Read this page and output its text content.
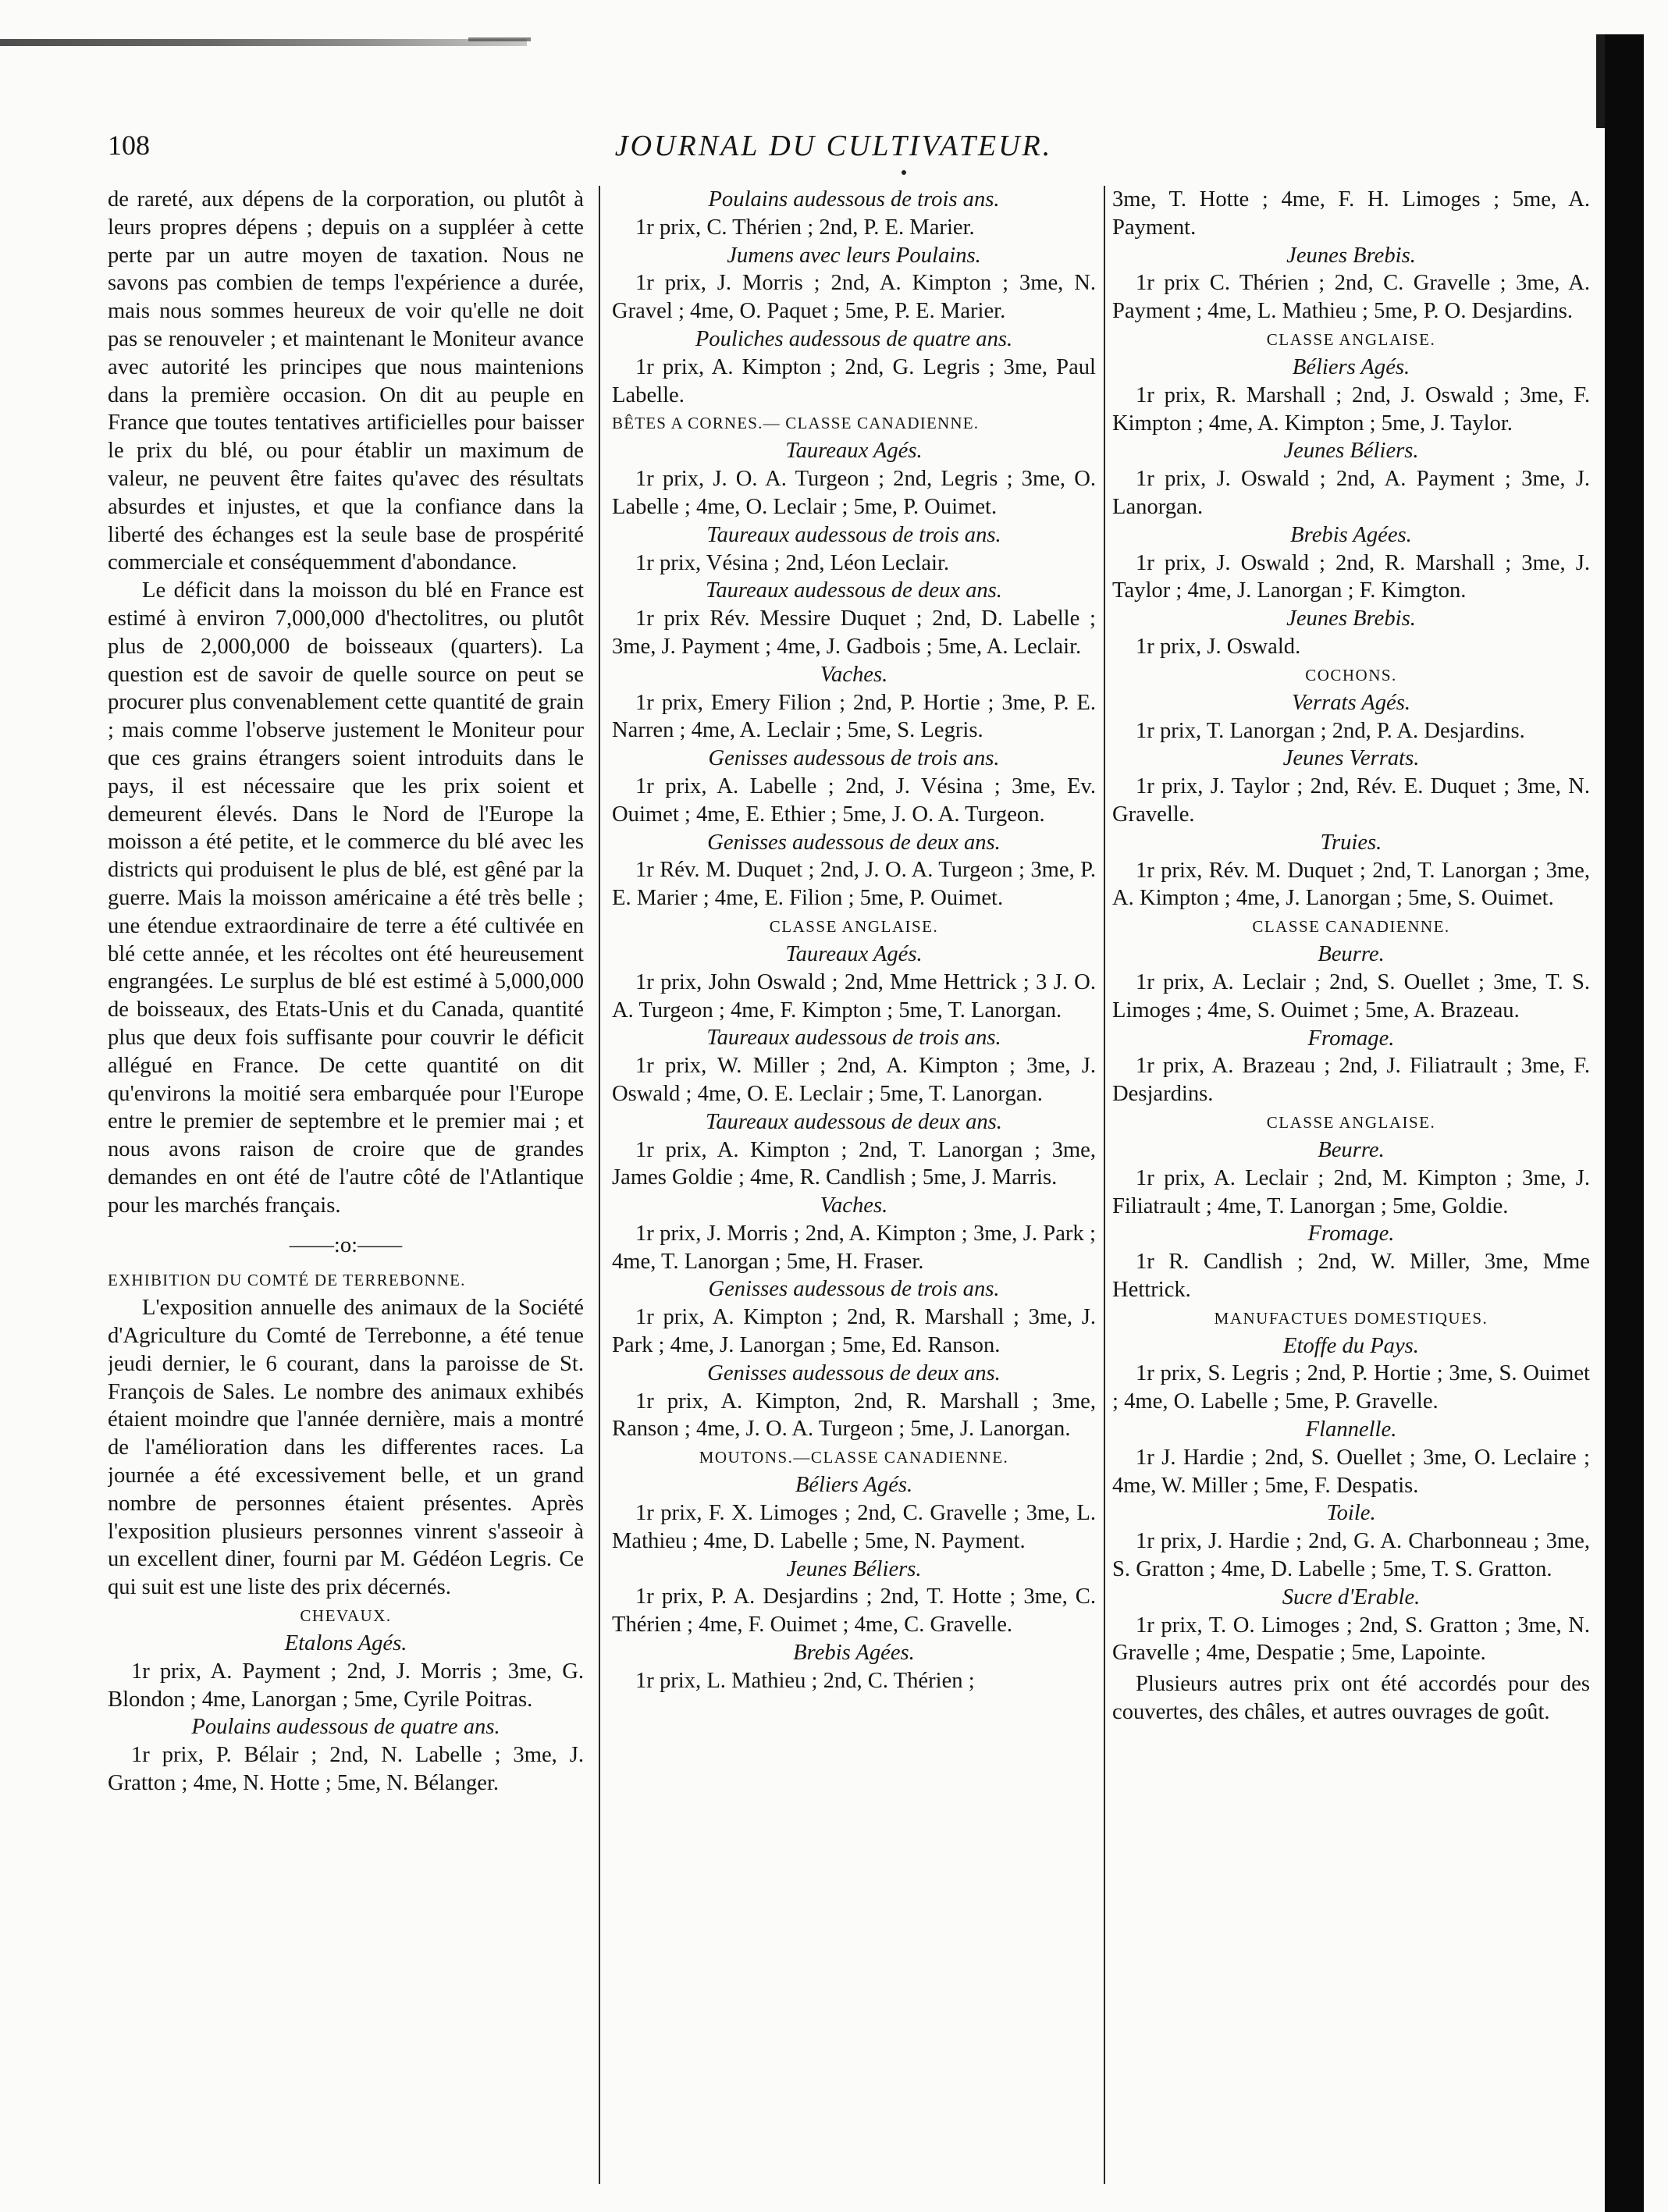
108	JOURNAL DU CULTIVATEUR.

de rareté, aux dépens de la corporation, ou plutôt à leurs propres dépens ; depuis on a suppléer à cette perte par un autre moyen de taxation. Nous ne savons pas combien de temps l'expérience a durée, mais nous sommes heureux de voir qu'elle ne doit pas se renouveler ; et maintenant le Moniteur avance avec autorité les principes que nous maintenions dans la première occasion. On dit au peuple en France que toutes tentatives artificielles pour baisser le prix du blé, ou pour établir un maximum de valeur, ne peuvent être faites qu'avec des résultats absurdes et injustes, et que la confiance dans la liberté des échanges est la seule base de prospérité commerciale et conséquemment d'abondance.

Le déficit dans la moisson du blé en France est estimé à environ 7,000,000 d'hectolitres, ou plutôt plus de 2,000,000 de boisseaux (quarters). La question est de savoir de quelle source on peut se procurer plus convenablement cette quantité de grain ; mais comme l'observe justement le Moniteur pour que ces grains étrangers soient introduits dans le pays, il est nécessaire que les prix soient et demeurent élevés. Dans le Nord de l'Europe la moisson a été petite, et le commerce du blé avec les districts qui produisent le plus de blé, est gêné par la guerre. Mais la moisson américaine a été très belle ; une étendue extraordinaire de terre a été cultivée en blé cette année, et les récoltes ont été heureusement engrangées. Le surplus de blé est estimé à 5,000,000 de boisseaux, des Etats-Unis et du Canada, quantité plus que deux fois suffisante pour couvrir le déficit allégué en France. De cette quantité on dit qu'environs la moitié sera embarquée pour l'Europe entre le premier de septembre et le premier mai ; et nous avons raison de croire que de grandes demandes en ont été de l'autre côté de l'Atlantique pour les marchés français.

——:o:——

EXHIBITION DU COMTÉ DE TERREBONNE.

L'exposition annuelle des animaux de la Société d'Agriculture du Comté de Terrebonne, a été tenue jeudi dernier, le 6 courant, dans la paroisse de St. François de Sales. Le nombre des animaux exhibés étaient moindre que l'année dernière, mais a montré de l'amélioration dans les differentes races. La journée a été excessivement belle, et un grand nombre de personnes étaient présentes. Après l'exposition plusieurs personnes vinrent s'asseoir à un excellent diner, fourni par M. Gédéon Legris. Ce qui suit est une liste des prix décernés.

CHEVAUX.

Etalons Agés.

1r prix, A. Payment ; 2nd, J. Morris ; 3me, G. Blondon ; 4me, Lanorgan ; 5me, Cyrile Poitras.

Poulains audessous de quatre ans.

1r prix, P. Bélair ; 2nd, N. Labelle ; 3me, J. Gratton ; 4me, N. Hotte ; 5me, N. Bélanger.

Poulains audessous de trois ans.

1r prix, C. Thérien ; 2nd, P. E. Marier.

Jumens avec leurs Poulains.

1r prix, J. Morris ; 2nd, A. Kimpton ; 3me, N. Gravel ; 4me, O. Paquet ; 5me, P. E. Marier.

Pouliches audessous de quatre ans.

1r prix, A. Kimpton ; 2nd, G. Legris ; 3me, Paul Labelle.

BÊTES A CORNES.— CLASSE CANADIENNE.

Taureaux Agés.

1r prix, J. O. A. Turgeon ; 2nd, Legris ; 3me, O. Labelle ; 4me, O. Leclair ; 5me, P. Ouimet.

Taureaux audessous de trois ans.

1r prix, Vésina ; 2nd, Léon Leclair.

Taureaux audessous de deux ans.

1r prix Rév. Messire Duquet ; 2nd, D. Labelle ; 3me, J. Payment ; 4me, J. Gadbois ; 5me, A. Leclair.

Vaches.

1r prix, Emery Filion ; 2nd, P. Hortie ; 3me, P. E. Narren ; 4me, A. Leclair ; 5me, S. Legris.

Genisses audessous de trois ans.

1r prix, A. Labelle ; 2nd, J. Vésina ; 3me, Ev. Ouimet ; 4me, E. Ethier ; 5me, J. O. A. Turgeon.

Genisses audessous de deux ans.

1r Rév. M. Duquet ; 2nd, J. O. A. Turgeon ; 3me, P. E. Marier ; 4me, E. Filion ; 5me, P. Ouimet.

CLASSE ANGLAISE.

Taureaux Agés.

1r prix, John Oswald ; 2nd, Mme Hettrick ; 3 J. O. A. Turgeon ; 4me, F. Kimpton ; 5me, T. Lanorgan.

Taureaux audessous de trois ans.

1r prix, W. Miller ; 2nd, A. Kimpton ; 3me, J. Oswald ; 4me, O. E. Leclair ; 5me, T. Lanorgan.

Taureaux audessous de deux ans.

1r prix, A. Kimpton ; 2nd, T. Lanorgan ; 3me, James Goldie ; 4me, R. Candlish ; 5me, J. Marris.

Vaches.

1r prix, J. Morris ; 2nd, A. Kimpton ; 3me, J. Park ; 4me, T. Lanorgan ; 5me, H. Fraser.

Genisses audessous de trois ans.

1r prix, A. Kimpton ; 2nd, R. Marshall ; 3me, J. Park ; 4me, J. Lanorgan ; 5me, Ed. Ranson.

Genisses audessous de deux ans.

1r prix, A. Kimpton, 2nd, R. Marshall ; 3me, Ranson ; 4me, J. O. A. Turgeon ; 5me, J. Lanorgan.

MOUTONS.—CLASSE CANADIENNE.

Béliers Agés.

1r prix, F. X. Limoges ; 2nd, C. Gravelle ; 3me, L. Mathieu ; 4me, D. Labelle ; 5me, N. Payment.

Jeunes Béliers.

1r prix, P. A. Desjardins ; 2nd, T. Hotte ; 3me, C. Thérien ; 4me, F. Ouimet ; 4me, C. Gravelle.

Brebis Agées.

1r prix, L. Mathieu ; 2nd, C. Thérien ;

3me, T. Hotte ; 4me, F. H. Limoges ; 5me, A. Payment.

Jeunes Brebis.

1r prix C. Thérien ; 2nd, C. Gravelle ; 3me, A. Payment ; 4me, L. Mathieu ; 5me, P. O. Desjardins.

CLASSE ANGLAISE.

Béliers Agés.

1r prix, R. Marshall ; 2nd, J. Oswald ; 3me, F. Kimpton ; 4me, A. Kimpton ; 5me, J. Taylor.

Jeunes Béliers.

1r prix, J. Oswald ; 2nd, A. Payment ; 3me, J. Lanorgan.

Brebis Agées.

1r prix, J. Oswald ; 2nd, R. Marshall ; 3me, J. Taylor ; 4me, J. Lanorgan ; F. Kimgton.

Jeunes Brebis.

1r prix, J. Oswald.

COCHONS.

Verrats Agés.

1r prix, T. Lanorgan ; 2nd, P. A. Desjardins.

Jeunes Verrats.

1r prix, J. Taylor ; 2nd, Rév. E. Duquet ; 3me, N. Gravelle.

Truies.

1r prix, Rév. M. Duquet ; 2nd, T. Lanorgan ; 3me, A. Kimpton ; 4me, J. Lanorgan ; 5me, S. Ouimet.

CLASSE CANADIENNE.

Beurre.

1r prix, A. Leclair ; 2nd, S. Ouellet ; 3me, T. S. Limoges ; 4me, S. Ouimet ; 5me, A. Brazeau.

Fromage.

1r prix, A. Brazeau ; 2nd, J. Filiatrault ; 3me, F. Desjardins.

CLASSE ANGLAISE.

Beurre.

1r prix, A. Leclair ; 2nd, M. Kimpton ; 3me, J. Filiatrault ; 4me, T. Lanorgan ; 5me, Goldie.

Fromage.

1r R. Candlish ; 2nd, W. Miller, 3me, Mme Hettrick.

MANUFACTUES DOMESTIQUES.

Etoffe du Pays.

1r prix, S. Legris ; 2nd, P. Hortie ; 3me, S. Ouimet ; 4me, O. Labelle ; 5me, P. Gravelle.

Flannelle.

1r J. Hardie ; 2nd, S. Ouellet ; 3me, O. Leclaire ; 4me, W. Miller ; 5me, F. Despatis.

Toile.

1r prix, J. Hardie ; 2nd, G. A. Charbonneau ; 3me, S. Gratton ; 4me, D. Labelle ; 5me, T. S. Gratton.

Sucre d'Erable.

1r prix, T. O. Limoges ; 2nd, S. Gratton ; 3me, N. Gravelle ; 4me, Despatie ; 5me, Lapointe.

Plusieurs autres prix ont été accordés pour des couvertes, des châles, et autres ouvrages de goût.
